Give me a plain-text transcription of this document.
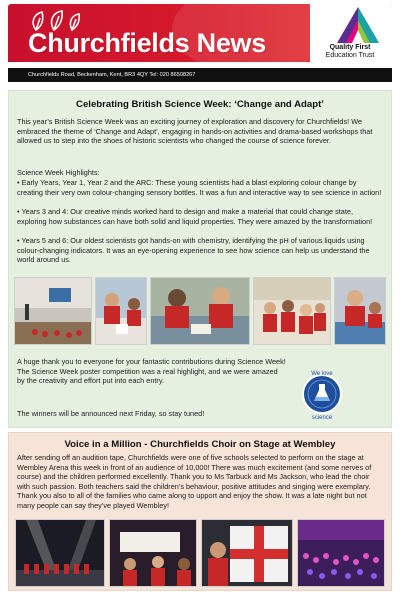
Churchfields News	Quality First
Education Trust
Churchfields Road, Beckenham, Kent, BR3 4QY Tel: 020 86508267
Celebrating British Science Week: ‘Change and Adapt’
This year’s British Science Week was an exciting journey of exploration and discovery for Churchfields! We embraced the theme of ‘Change and Adapt’, engaging in hands-on activities and drama-based workshops that allowed us to step into the shoes of historic scientists who changed the course of science forever.
Science Week Highlights:
• Early Years, Year 1, Year 2 and the ARC: These young scientists had a blast exploring colour change by creating their very own colour-changing sensory bottles. It was a fun and interactive way to see science in action!
• Years 3 and 4: Our creative minds worked hard to design and make a material that could change state, exploring how substances can have both solid and liquid properties. They were amazed by the transformation!
• Years 5 and 6: Our oldest scientists got hands-on with chemistry, identifying the pH of various liquids using colour-changing indicators. It was an eye-opening experience to see how science can help us understand the world around us.
A huge thank you to everyone for your fantastic contributions during Science Week! The Science Week poster competition was a real highlight, and we were amazed by the creativity and effort put into each entry.
The winners will be announced next Friday, so stay tuned!
We love
science
Voice in a Million - Churchfields Choir on Stage at Wembley
After sending off an audition tape, Churchfields were one of five schools selected to perform on the stage at Wembley Arena this week in front of an audience of 10,000! There was much excitement (and some nerves of course) and the children performed excellently. Thank you to Ms Tarbuck and Ms Jackson, who lead the choir with such passion. Both teachers said the children’s behaviour, positive attitudes and singing were exemplary. Thank you also to all of the families who came along to upport and enjoy the show. It was a late night but not many people can say they’ve played Wembley!
